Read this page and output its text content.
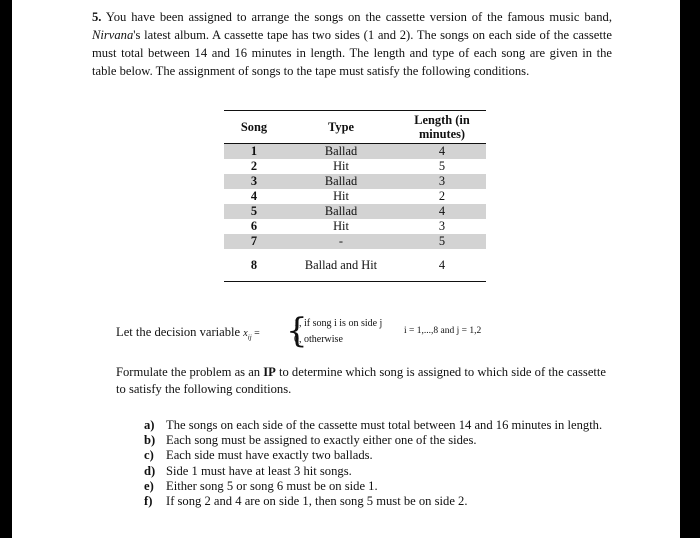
5. You have been assigned to arrange the songs on the cassette version of the famous music band, Nirvana's latest album. A cassette tape has two sides (1 and 2). The songs on each side of the cassette must total between 14 and 16 minutes in length. The length and type of each song are given in the table below. The assignment of songs to the tape must satisfy the following conditions.

Song	Type	Length (in minutes)
1	Ballad	4
2	Hit	5
3	Ballad	3
4	Hit	2
5	Ballad	4
6	Hit	3
7	-	5
8	Ballad and Hit	4
Let the decision variable $x_{ij}$ = {
1, if song i is on side j
0, otherwise
i = 1,...,8 and j = 1,2

Formulate the problem as an IP to determine which song is assigned to which side of the cassette to satisfy the following conditions.

a) The songs on each side of the cassette must total between 14 and 16 minutes in length.
b) Each song must be assigned to exactly either one of the sides.
c) Each side must have exactly two ballads.
d) Side 1 must have at least 3 hit songs.
e) Either song 5 or song 6 must be on side 1.
f) If song 2 and 4 are on side 1, then song 5 must be on side 2.
